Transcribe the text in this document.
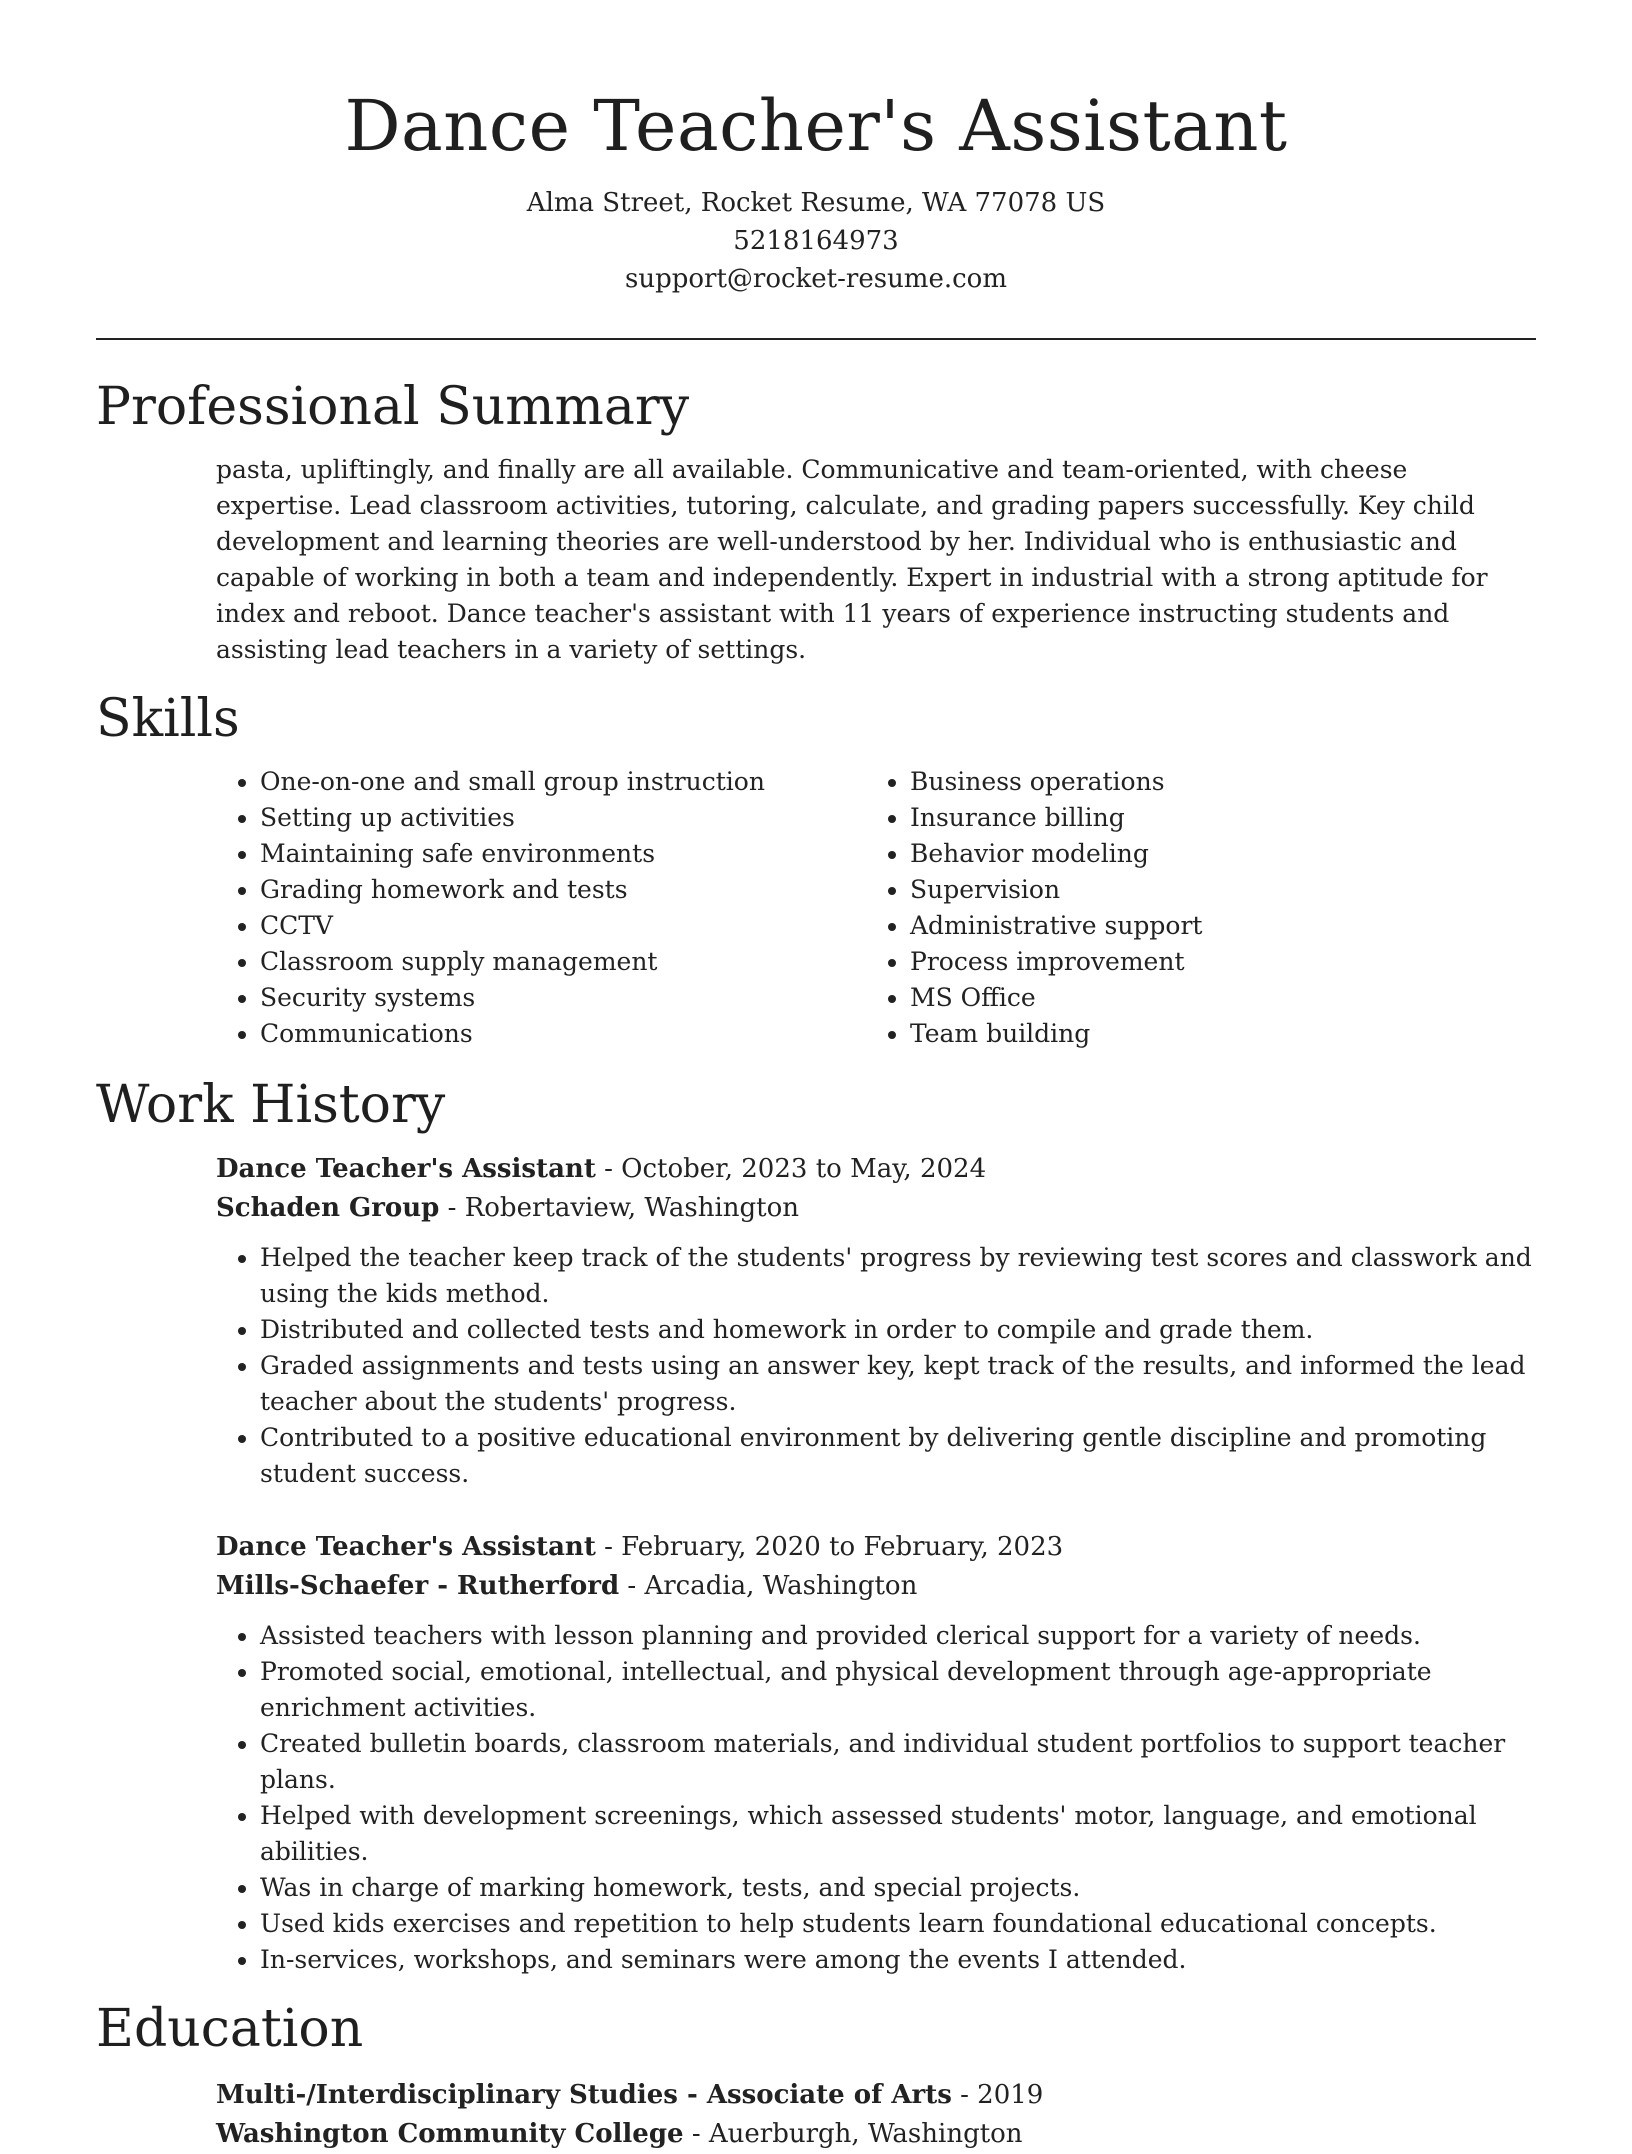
Dance Teacher's Assistant

Alma Street, Rocket Resume, WA 77078 US

5218164973

support@rocket-resume.com

Professional Summary

pasta, upliftingly, and finally are all available. Communicative and team-oriented, with cheese expertise. Lead classroom activities, tutoring, calculate, and grading papers successfully. Key child development and learning theories are well-understood by her. Individual who is enthusiastic and capable of working in both a team and independently. Expert in industrial with a strong aptitude for index and reboot. Dance teacher's assistant with 11 years of experience instructing students and assisting lead teachers in a variety of settings.

Skills
• One-on-one and small group instruction
• Setting up activities
• Maintaining safe environments
• Grading homework and tests
• CCTV
• Classroom supply management
• Security systems
• Communications
• Business operations
• Insurance billing
• Behavior modeling
• Supervision
• Administrative support
• Process improvement
• MS Office
• Team building
Work History

Dance Teacher's Assistant - October, 2023 to May, 2024

Schaden Group - Robertaview, Washington

• Helped the teacher keep track of the students' progress by reviewing test scores and classwork and using the kids method.
• Distributed and collected tests and homework in order to compile and grade them.
• Graded assignments and tests using an answer key, kept track of the results, and informed the lead teacher about the students' progress.
• Contributed to a positive educational environment by delivering gentle discipline and promoting student success.

Dance Teacher's Assistant - February, 2020 to February, 2023

Mills-Schaefer - Rutherford - Arcadia, Washington

• Assisted teachers with lesson planning and provided clerical support for a variety of needs.
• Promoted social, emotional, intellectual, and physical development through age-appropriate enrichment activities.
• Created bulletin boards, classroom materials, and individual student portfolios to support teacher plans.
• Helped with development screenings, which assessed students' motor, language, and emotional abilities.
• Was in charge of marking homework, tests, and special projects.
• Used kids exercises and repetition to help students learn foundational educational concepts.
• In-services, workshops, and seminars were among the events I attended.
Education

Multi-/Interdisciplinary Studies - Associate of Arts - 2019

Washington Community College - Auerburgh, Washington
